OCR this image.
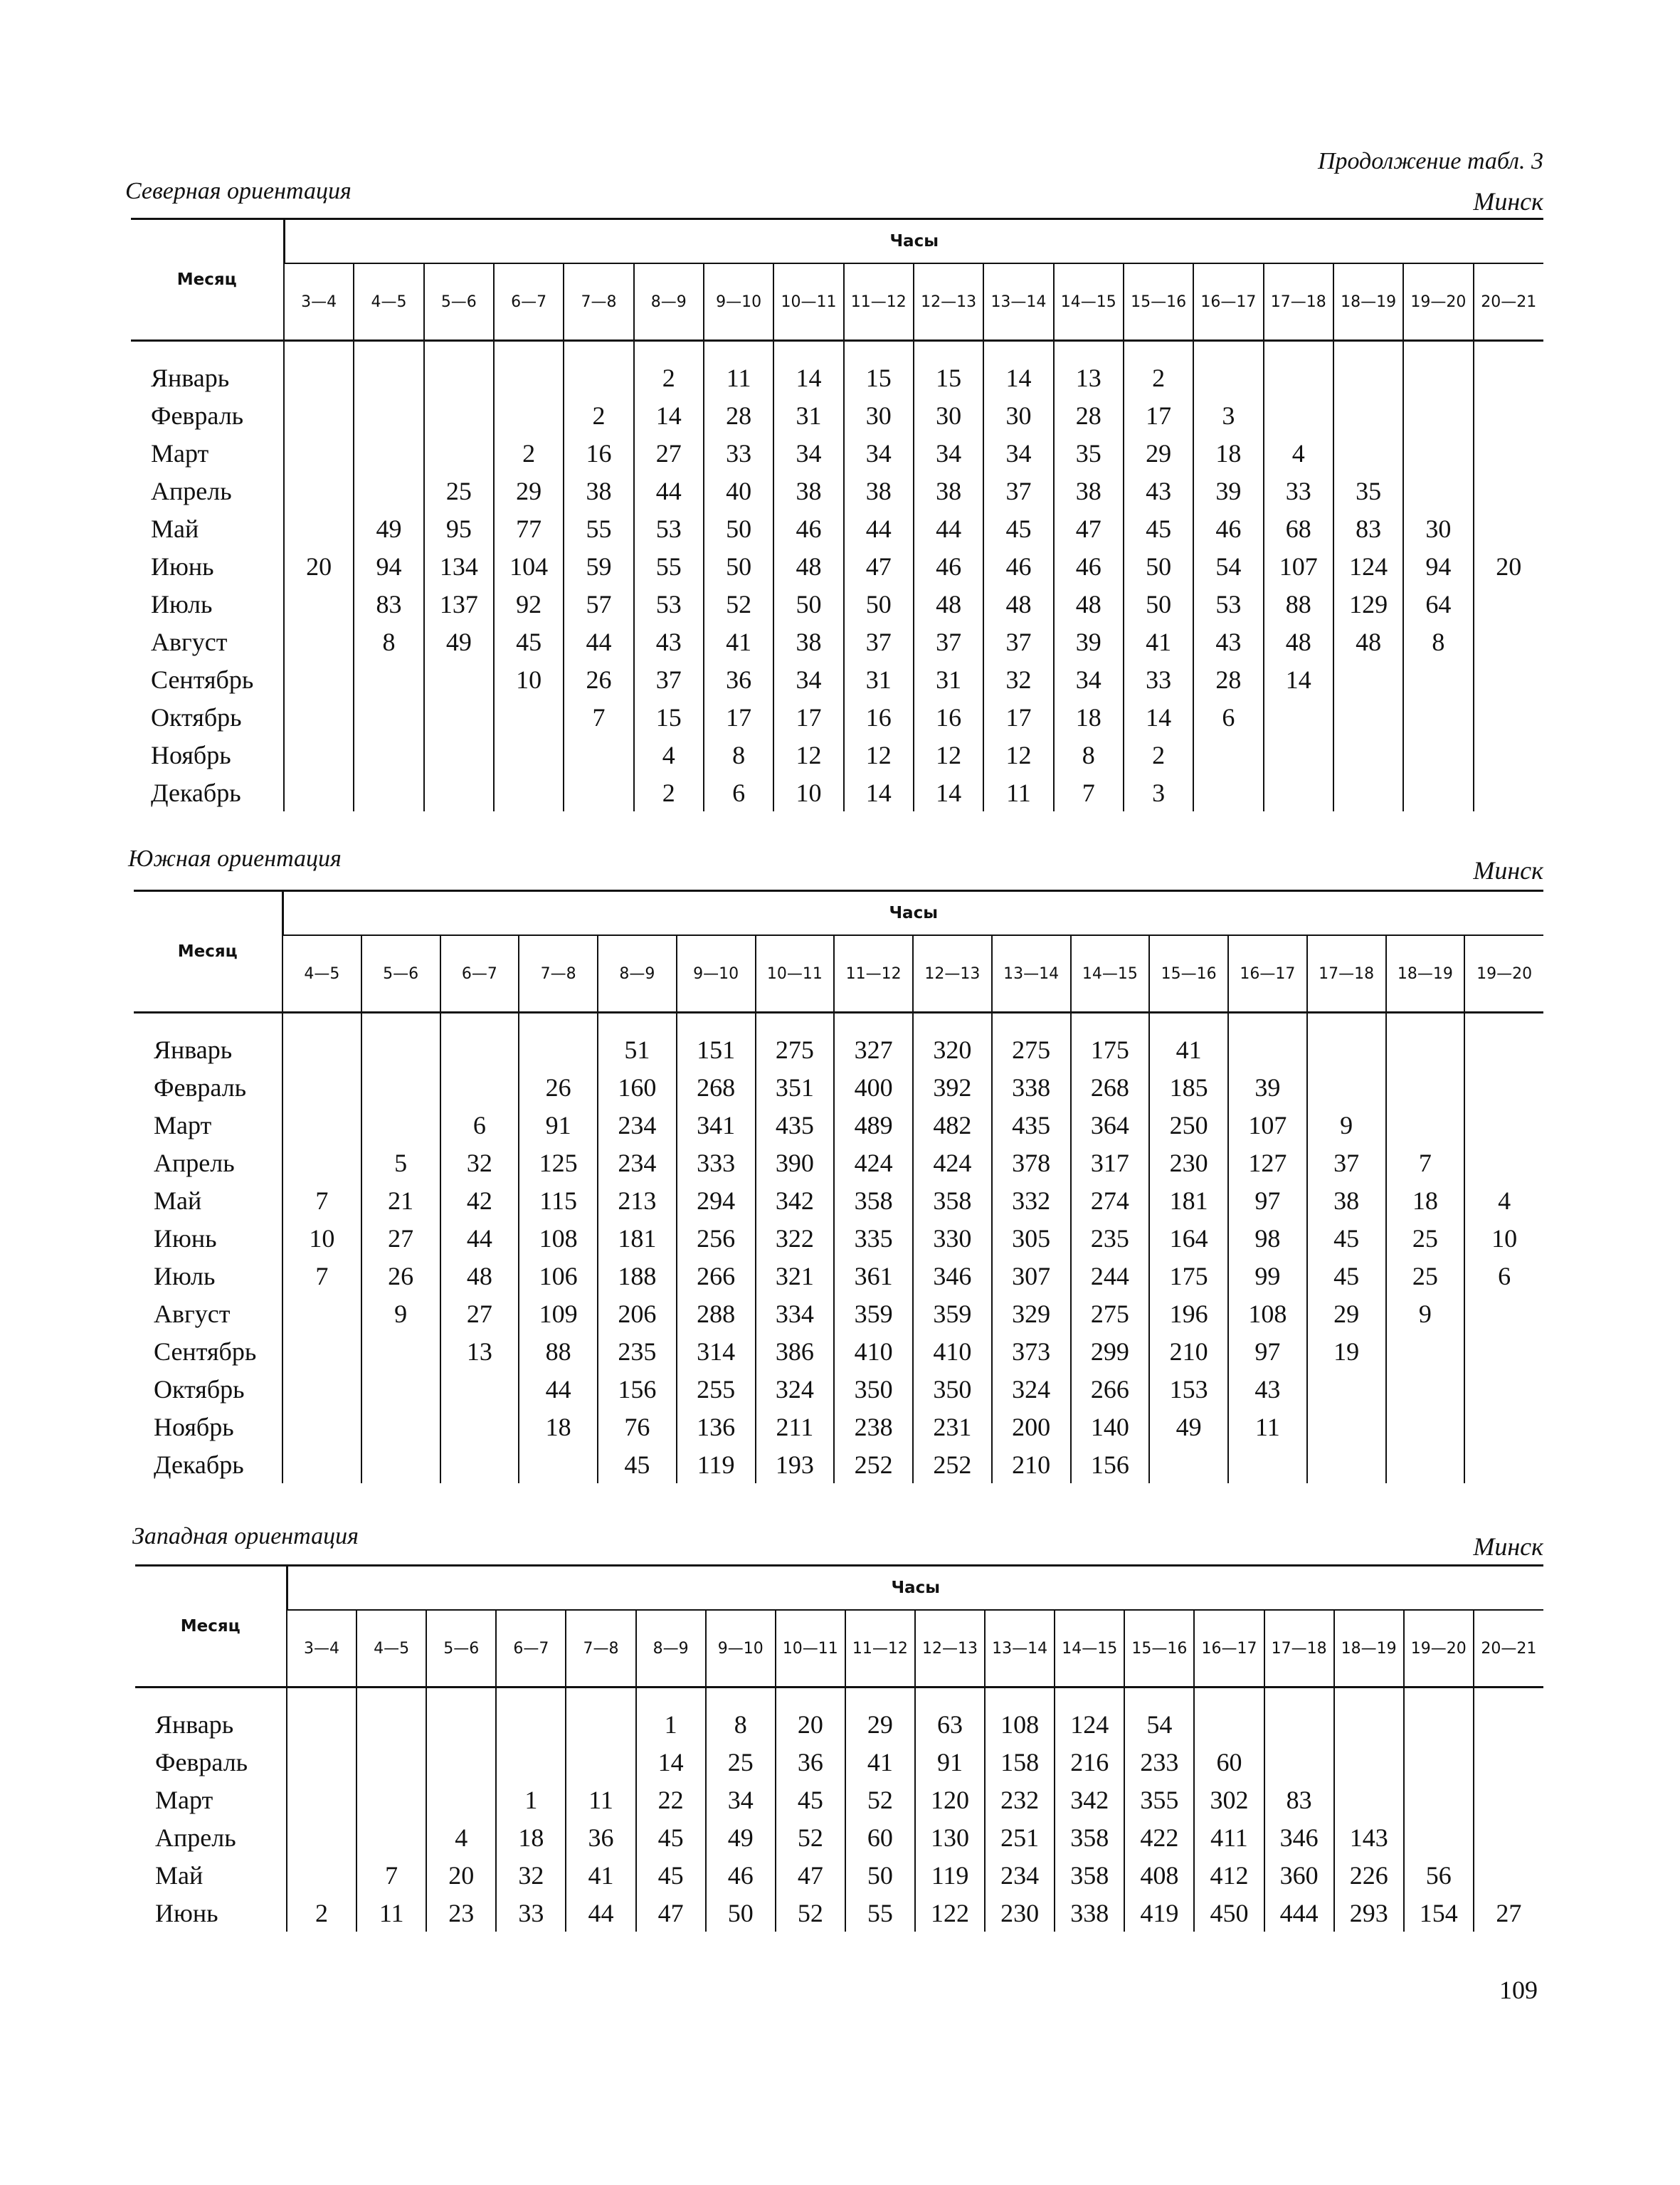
Продолжение табл. 3
Северная ориентация	Минск
Месяц	Часы																	
	3—4	4—5	5—6	6—7	7—8	8—9	9—10	10—11	11—12	12—13	13—14	14—15	15—16	16—17	17—18	18—19	19—20	20—21

Январь						2	11	14	15	15	14	13	2					
Февраль					2	14	28	31	30	30	30	28	17	3				
Март				2	16	27	33	34	34	34	34	35	29	18	4			
Апрель			25	29	38	44	40	38	38	38	37	38	43	39	33	35		
Май		49	95	77	55	53	50	46	44	44	45	47	45	46	68	83	30	
Июнь	20	94	134	104	59	55	50	48	47	46	46	46	50	54	107	124	94	20
Июль		83	137	92	57	53	52	50	50	48	48	48	50	53	88	129	64	
Август		8	49	45	44	43	41	38	37	37	37	39	41	43	48	48	8	
Сентябрь				10	26	37	36	34	31	31	32	34	33	28	14			
Октябрь					7	15	17	17	16	16	17	18	14	6				
Ноябрь						4	8	12	12	12	12	8	2					
Декабрь						2	6	10	14	14	11	7	3					
Южная ориентация	Минск
Месяц	Часы															
	4—5	5—6	6—7	7—8	8—9	9—10	10—11	11—12	12—13	13—14	14—15	15—16	16—17	17—18	18—19	19—20

Январь					51	151	275	327	320	275	175	41				
Февраль				26	160	268	351	400	392	338	268	185	39			
Март			6	91	234	341	435	489	482	435	364	250	107	9		
Апрель		5	32	125	234	333	390	424	424	378	317	230	127	37	7	
Май	7	21	42	115	213	294	342	358	358	332	274	181	97	38	18	4
Июнь	10	27	44	108	181	256	322	335	330	305	235	164	98	45	25	10
Июль	7	26	48	106	188	266	321	361	346	307	244	175	99	45	25	6
Август		9	27	109	206	288	334	359	359	329	275	196	108	29	9	
Сентябрь			13	88	235	314	386	410	410	373	299	210	97	19		
Октябрь				44	156	255	324	350	350	324	266	153	43			
Ноябрь				18	76	136	211	238	231	200	140	49	11			
Декабрь					45	119	193	252	252	210	156					
Западная ориентация	Минск
Месяц	Часы																	
	3—4	4—5	5—6	6—7	7—8	8—9	9—10	10—11	11—12	12—13	13—14	14—15	15—16	16—17	17—18	18—19	19—20	20—21

Январь						1	8	20	29	63	108	124	54					
Февраль						14	25	36	41	91	158	216	233	60				
Март				1	11	22	34	45	52	120	232	342	355	302	83			
Апрель			4	18	36	45	49	52	60	130	251	358	422	411	346	143		
Май		7	20	32	41	45	46	47	50	119	234	358	408	412	360	226	56	
Июнь	2	11	23	33	44	47	50	52	55	122	230	338	419	450	444	293	154	27
109
